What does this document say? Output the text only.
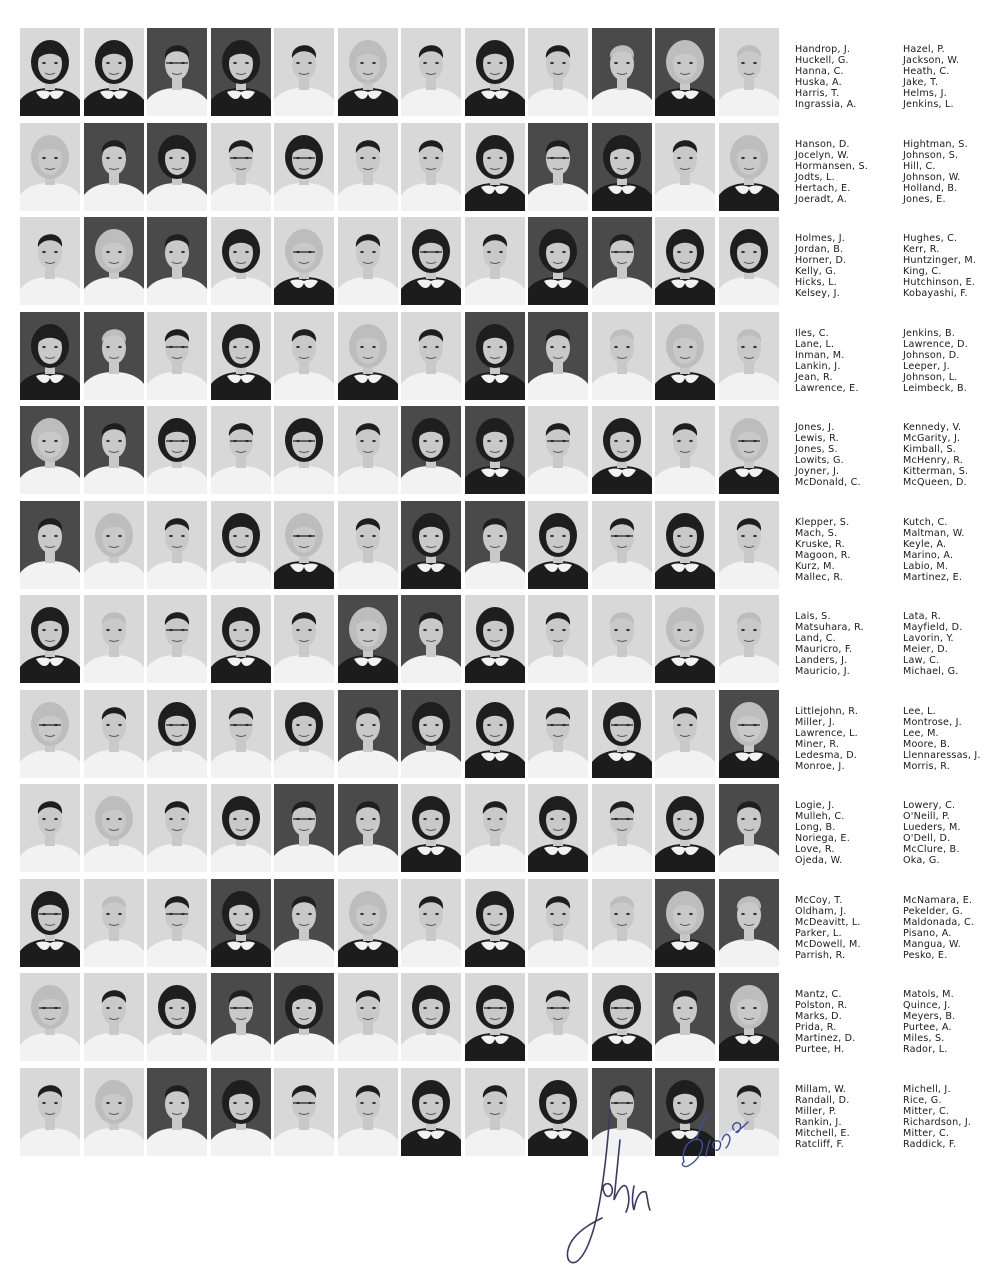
Handrop, J.
Huckell, G.
Hanna, C.
Huska, A.
Harris, T.
Ingrassia, A.
Hazel, P.
Jackson, W.
Heath, C.
Jake, T.
Helms, J.
Jenkins, L.
Hanson, D.
Jocelyn, W.
Hormansen, S.
Jodts, L.
Hertach, E.
Joeradt, A.
Hightman, S.
Johnson, S.
Hill, C.
Johnson, W.
Holland, B.
Jones, E.
Holmes, J.
Jordan, B.
Horner, D.
Kelly, G.
Hicks, L.
Kelsey, J.
Hughes, C.
Kerr, R.
Huntzinger, M.
King, C.
Hutchinson, E.
Kobayashi, F.
Iles, C.
Lane, L.
Inman, M.
Lankin, J.
Jean, R.
Lawrence, E.
Jenkins, B.
Lawrence, D.
Johnson, D.
Leeper, J.
Johnson, L.
Leimbeck, B.
Jones, J.
Lewis, R.
Jones, S.
Lowits, G.
Joyner, J.
McDonald, C.
Kennedy, V.
McGarity, J.
Kimball, S.
McHenry, R.
Kitterman, S.
McQueen, D.
Klepper, S.
Mach, S.
Kruske, R.
Magoon, R.
Kurz, M.
Mallec, R.
Kutch, C.
Maltman, W.
Keyle, A.
Marino, A.
Labio, M.
Martinez, E.
Lais, S.
Matsuhara, R.
Land, C.
Mauricro, F.
Landers, J.
Mauricio, J.
Lata, R.
Mayfield, D.
Lavorin, Y.
Meier, D.
Law, C.
Michael, G.
Littlejohn, R.
Miller, J.
Lawrence, L.
Miner, R.
Ledesma, D.
Monroe, J.
Lee, L.
Montrose, J.
Lee, M.
Moore, B.
Llennaressas, J.
Morris, R.
Logie, J.
Mulleh, C.
Long, B.
Noriega, E.
Love, R.
Ojeda, W.
Lowery, C.
O'Neill, P.
Lueders, M.
O'Dell, D.
McClure, B.
Oka, G.
McCoy, T.
Oldham, J.
McDeavitt, L.
Parker, L.
McDowell, M.
Parrish, R.
McNamara, E.
Pekelder, G.
Maldonada, C.
Pisano, A.
Mangua, W.
Pesko, E.
Mantz, C.
Polston, R.
Marks, D.
Prida, R.
Martinez, D.
Purtee, H.
Matols, M.
Quince, J.
Meyers, B.
Purtee, A.
Miles, S.
Rador, L.
Millam, W.
Randall, D.
Miller, P.
Rankin, J.
Mitchell, E.
Ratcliff, F.
Michell, J.
Rice, G.
Mitter, C.
Richardson, J.
Mitter, C.
Raddick, F.
